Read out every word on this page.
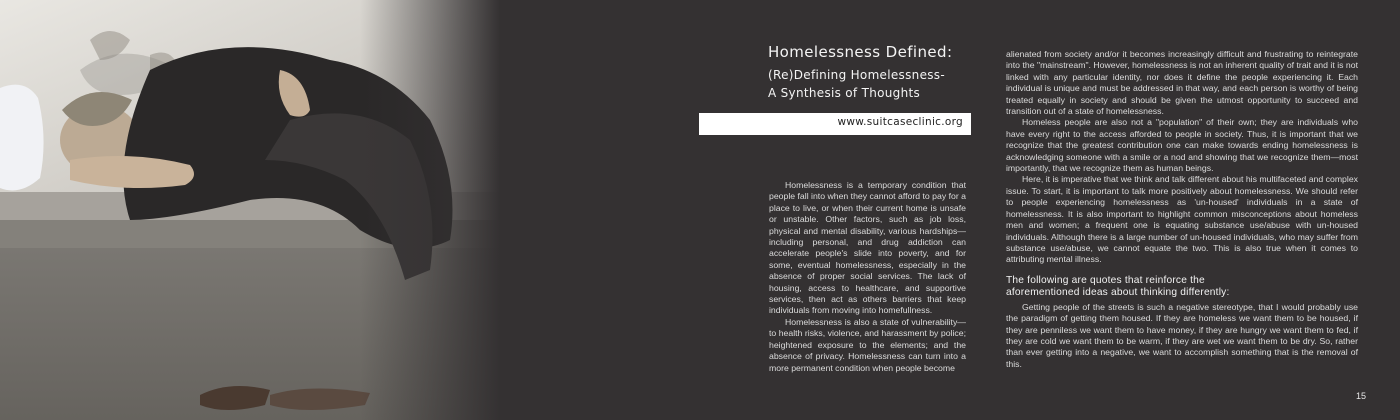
Homelessness Defined:
(Re)Defining Homelessness-
A Synthesis of Thoughts
www.suitcaseclinic.org

Homelessness is a temporary condition that people fall into when they cannot afford to pay for a place to live, or when their current home is unsafe or unstable. Other factors, such as job loss, physical and mental disability, various hardships—including personal, and drug addiction can accelerate people's slide into poverty, and for some, eventual homelessness, especially in the absence of proper social services. The lack of housing, access to healthcare, and supportive services, then act as others barriers that keep individuals from moving into homefullness.

Homelessness is also a state of vulnerability—to health risks, violence, and harassment by police; heightened exposure to the elements; and the absence of privacy. Homelessness can turn into a more permanent condition when people become

alienated from society and/or it becomes increasingly difficult and frustrating to reintegrate into the "mainstream". However, homelessness is not an inherent quality of trait and it is not linked with any particular identity, nor does it define the people experiencing it. Each individual is unique and must be addressed in that way, and each person is worthy of being treated equally in society and should be given the utmost opportunity to succeed and transition out of a state of homelessness.

Homeless people are also not a "population" of their own; they are individuals who have every right to the access afforded to people in society. Thus, it is important that we recognize that the greatest contribution one can make towards ending homelessness is acknowledging someone with a smile or a nod and showing that we recognize them—most importantly, that we recognize them as human beings.

Here, it is imperative that we think and talk different about his multifaceted and complex issue. To start, it is important to talk more positively about homelessness. We should refer to people experiencing homelessness as 'un-housed' individuals in a state of homelessness. It is also important to highlight common misconceptions about homeless men and women; a frequent one is equating substance use/abuse with un-housed individuals. Although there is a large number of un-housed individuals, who may suffer from substance use/abuse, we cannot equate the two. This is also true when it comes to attributing mental illness.

The following are quotes that reinforce the
aforementioned ideas about thinking differently:

Getting people of the streets is such a negative stereotype, that I would probably use the paradigm of getting them housed. If they are homeless we want them to be housed, if they are penniless we want them to have money, if they are hungry we want them to fed, if they are cold we want them to be warm, if they are wet we want them to be dry. So, rather than ever getting into a negative, we want to accomplish something that is the removal of this.

15
